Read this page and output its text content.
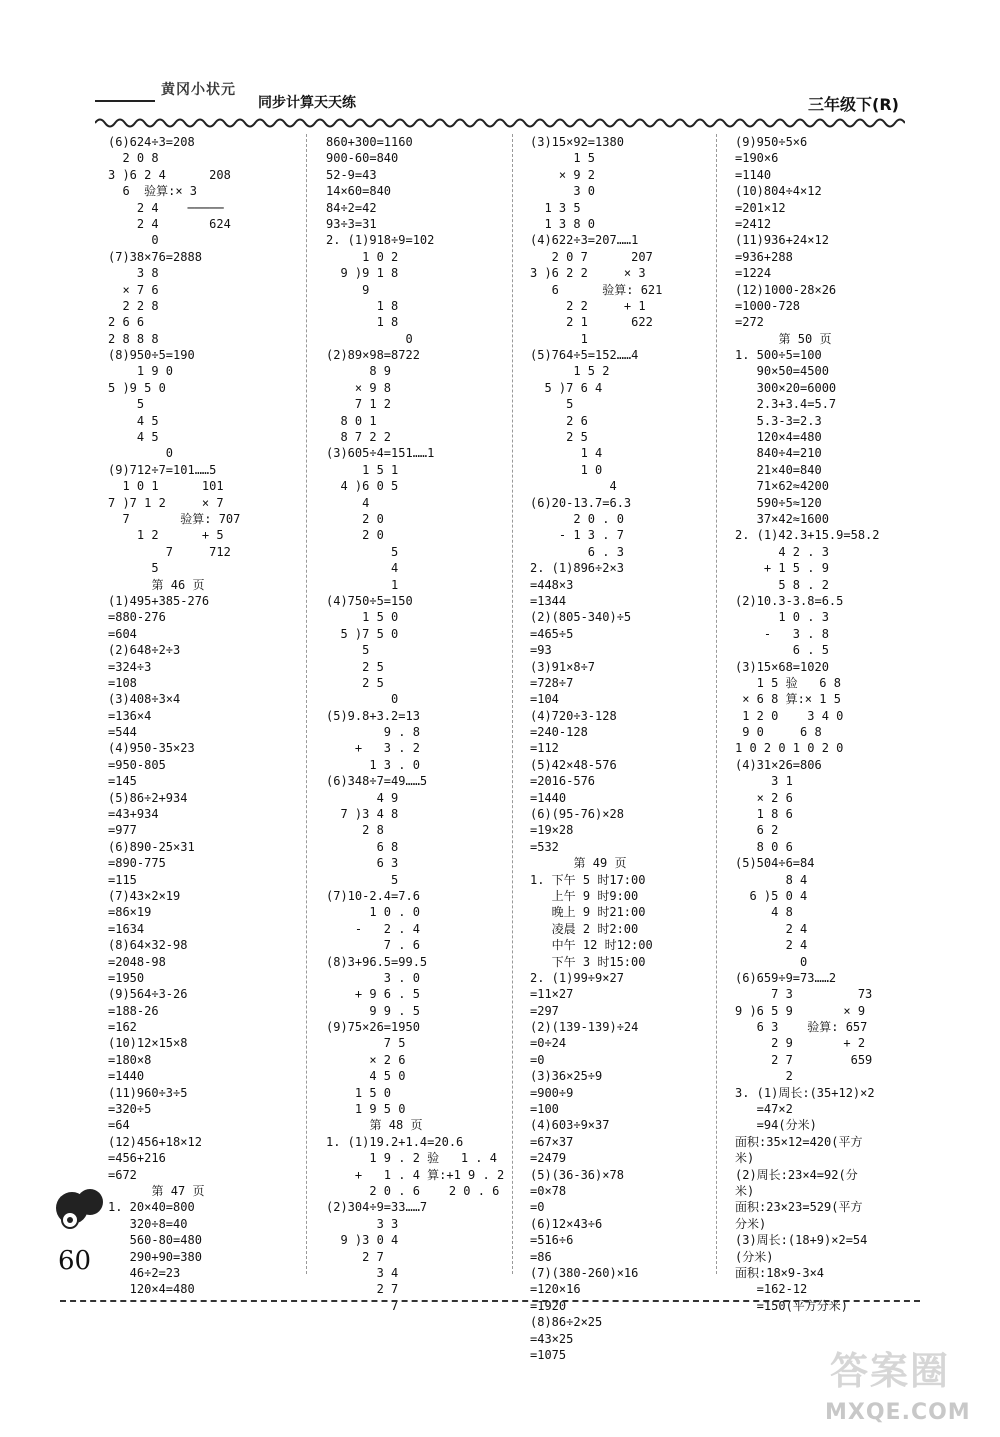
黄冈小状元
同步计算天天练	三年级下(R)
(6)624÷3=208
2 0 8
3 )6 2 4      208
6  验算:× 3
2 4    ─────
2 4       624
0
(7)38×76=2888
3 8
× 7 6
2 2 8
2 6 6
2 8 8 8
(8)950÷5=190
1 9 0
5 )9 5 0
5
4 5
4 5
0
(9)712÷7=101……5
1 0 1      101
7 )7 1 2     × 7
7       验算: 707
1 2      + 5
7     712
5
第 46 页
(1)495+385-276
=880-276
=604
(2)648÷2÷3
=324÷3
=108
(3)408÷3×4
=136×4
=544
(4)950-35×23
=950-805
=145
(5)86÷2+934
=43+934
=977
(6)890-25×31
=890-775
=115
(7)43×2×19
=86×19
=1634
(8)64×32-98
=2048-98
=1950
(9)564÷3-26
=188-26
=162
(10)12×15×8
=180×8
=1440
(11)960÷3÷5
=320÷5
=64
(12)456+18×12
=456+216
=672
第 47 页
1. 20×40=800
320÷8=40
560-80=480
290+90=380
46÷2=23
120×4=480
860+300=1160
900-60=840
52-9=43
14×60=840
84÷2=42
93÷3=31
2. (1)918÷9=102
1 0 2
9 )9 1 8
9
1 8
1 8
0
(2)89×98=8722
8 9
× 9 8
7 1 2
8 0 1
8 7 2 2
(3)605÷4=151……1
1 5 1
4 )6 0 5
4
2 0
2 0
5
4
1
(4)750÷5=150
1 5 0
5 )7 5 0
5
2 5
2 5
0
(5)9.8+3.2=13
9 . 8
+   3 . 2
1 3 . 0
(6)348÷7=49……5
4 9
7 )3 4 8
2 8
6 8
6 3
5
(7)10-2.4=7.6
1 0 . 0
-   2 . 4
7 . 6
(8)3+96.5=99.5
3 . 0
+ 9 6 . 5
9 9 . 5
(9)75×26=1950
7 5
× 2 6
4 5 0
1 5 0
1 9 5 0
第 48 页
1. (1)19.2+1.4=20.6
1 9 . 2 验   1 . 4
+   1 . 4 算:+1 9 . 2
2 0 . 6    2 0 . 6
(2)304÷9=33……7
3 3
9 )3 0 4
2 7
3 4
2 7
7
(3)15×92=1380
1 5
× 9 2
3 0
1 3 5
1 3 8 0
(4)622÷3=207……1
2 0 7      207
3 )6 2 2     × 3
6      验算: 621
2 2     + 1
2 1      622
1
(5)764÷5=152……4
1 5 2
5 )7 6 4
5
2 6
2 5
1 4
1 0
4
(6)20-13.7=6.3
2 0 . 0
- 1 3 . 7
6 . 3
2. (1)896÷2×3
=448×3
=1344
(2)(805-340)÷5
=465÷5
=93
(3)91×8÷7
=728÷7
=104
(4)720÷3-128
=240-128
=112
(5)42×48-576
=2016-576
=1440
(6)(95-76)×28
=19×28
=532
第 49 页
1. 下午 5 时17:00
上午 9 时9:00
晚上 9 时21:00
凌晨 2 时2:00
中午 12 时12:00
下午 3 时15:00
2. (1)99÷9×27
=11×27
=297
(2)(139-139)÷24
=0÷24
=0
(3)36×25÷9
=900÷9
=100
(4)603÷9×37
=67×37
=2479
(5)(36-36)×78
=0×78
=0
(6)12×43÷6
=516÷6
=86
(7)(380-260)×16
=120×16
=1920
(8)86÷2×25
=43×25
=1075
(9)950÷5×6
=190×6
=1140
(10)804÷4×12
=201×12
=2412
(11)936+24×12
=936+288
=1224
(12)1000-28×26
=1000-728
=272
第 50 页
1. 500÷5=100
90×50=4500
300×20=6000
2.3+3.4=5.7
5.3-3=2.3
120×4=480
840÷4=210
21×40=840
71×62≈4200
590÷5≈120
37×42≈1600
2. (1)42.3+15.9=58.2
4 2 . 3
+ 1 5 . 9
5 8 . 2
(2)10.3-3.8=6.5
1 0 . 3
-   3 . 8
6 . 5
(3)15×68=1020
1 5 验   6 8
× 6 8 算:× 1 5
1 2 0    3 4 0
9 0     6 8
1 0 2 0 1 0 2 0
(4)31×26=806
3 1
× 2 6
1 8 6
6 2
8 0 6
(5)504÷6=84
8 4
6 )5 0 4
4 8
2 4
2 4
0
(6)659÷9=73……2
7 3         73
9 )6 5 9       × 9
6 3    验算: 657
2 9       + 2
2 7        659
2
3. (1)周长:(35+12)×2
=47×2
=94(分米)
面积:35×12=420(平方
米)
(2)周长:23×4=92(分
米)
面积:23×23=529(平方
分米)
(3)周长:(18+9)×2=54
(分米)
面积:18×9-3×4
=162-12
=150(平方分米)
60
答案圈
MXQE.COM
